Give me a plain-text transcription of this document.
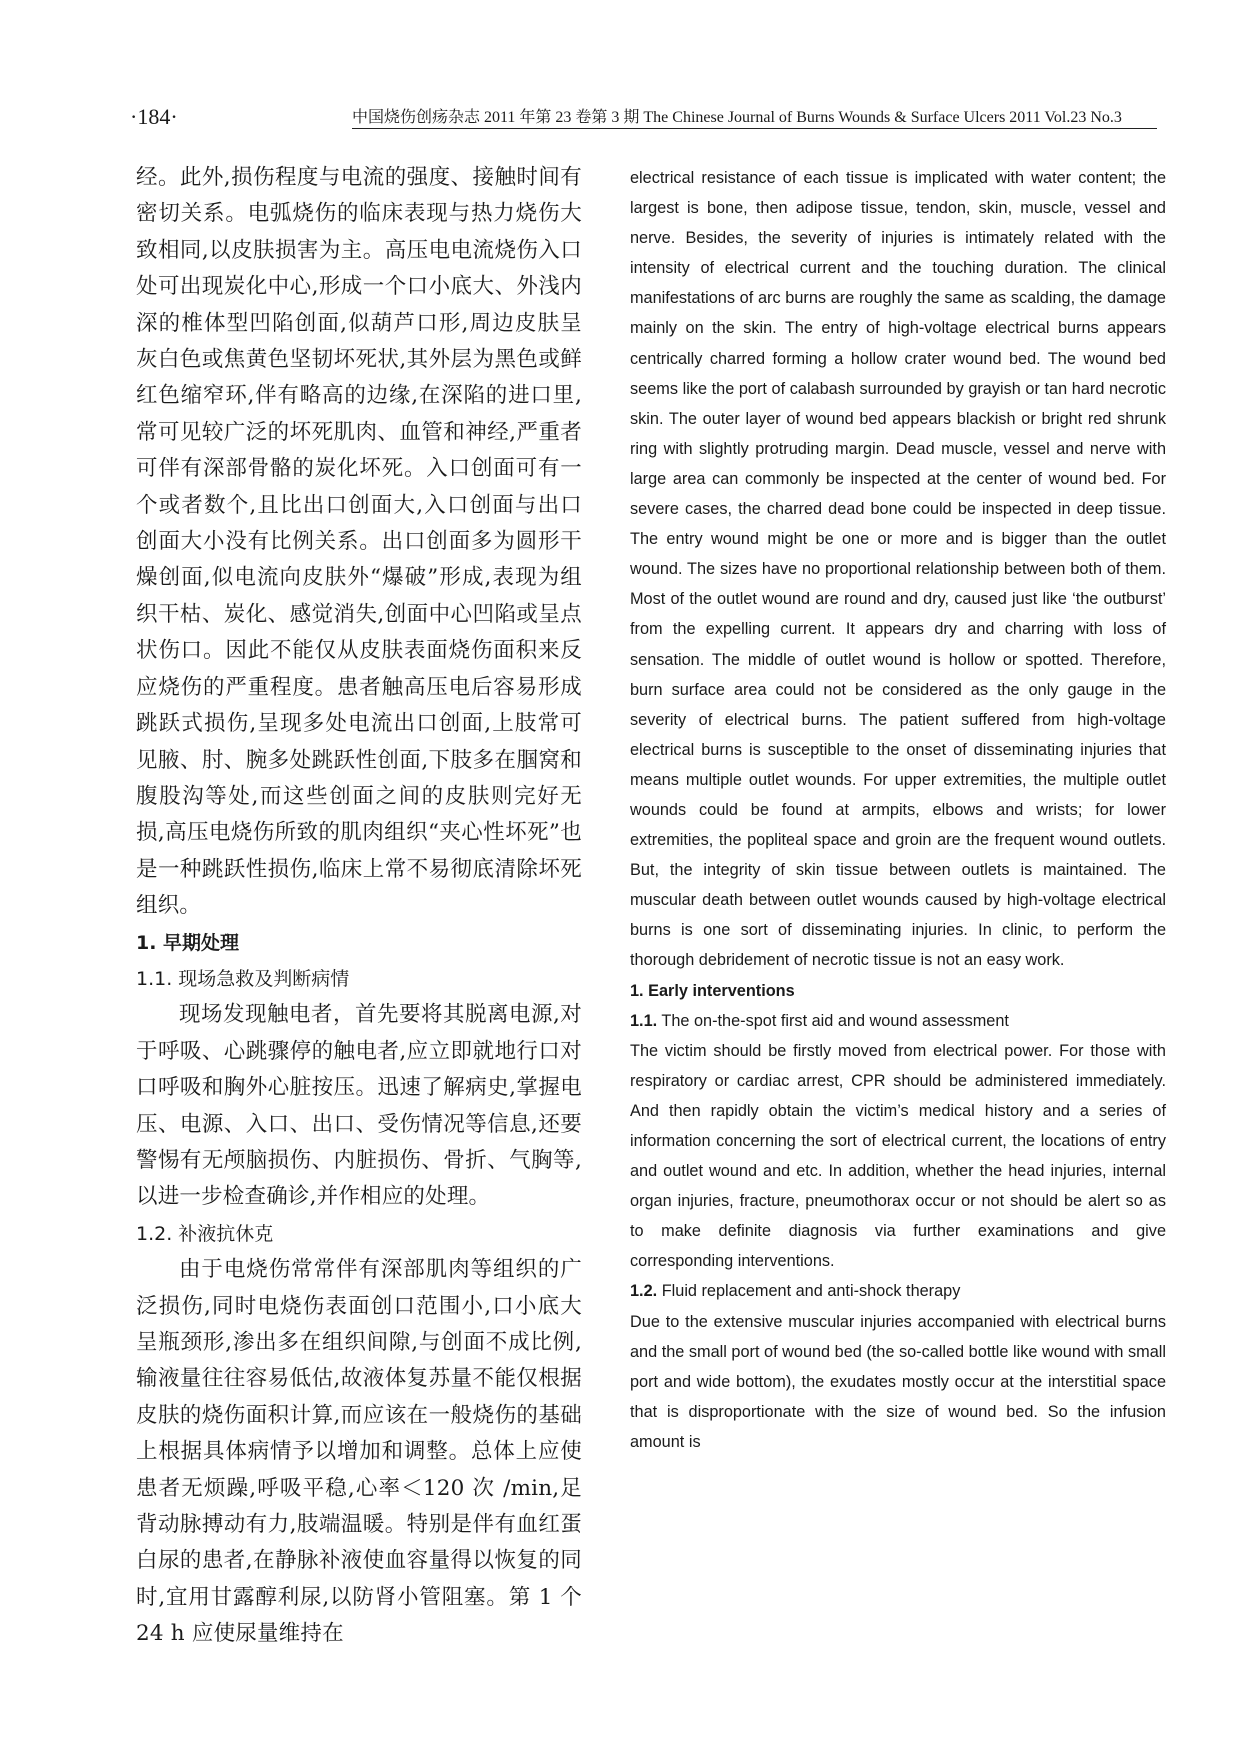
·184·	中国烧伤创疡杂志 2011 年第 23 卷第 3 期 The Chinese Journal of Burns Wounds & Surface Ulcers 2011 Vol.23 No.3

经。此外,损伤程度与电流的强度、接触时间有密切关系。电弧烧伤的临床表现与热力烧伤大致相同,以皮肤损害为主。高压电电流烧伤入口处可出现炭化中心,形成一个口小底大、外浅内深的椎体型凹陷创面,似葫芦口形,周边皮肤呈灰白色或焦黄色坚韧坏死状,其外层为黑色或鲜红色缩窄环,伴有略高的边缘,在深陷的进口里,常可见较广泛的坏死肌肉、血管和神经,严重者可伴有深部骨骼的炭化坏死。入口创面可有一个或者数个,且比出口创面大,入口创面与出口创面大小没有比例关系。出口创面多为圆形干燥创面,似电流向皮肤外“爆破”形成,表现为组织干枯、炭化、感觉消失,创面中心凹陷或呈点状伤口。因此不能仅从皮肤表面烧伤面积来反应烧伤的严重程度。患者触高压电后容易形成跳跃式损伤,呈现多处电流出口创面,上肢常可见腋、肘、腕多处跳跃性创面,下肢多在腘窝和腹股沟等处,而这些创面之间的皮肤则完好无损,高压电烧伤所致的肌肉组织“夹心性坏死”也是一种跳跃性损伤,临床上常不易彻底清除坏死组织。

1. 早期处理

1.1. 现场急救及判断病情

现场发现触电者，首先要将其脱离电源,对于呼吸、心跳骤停的触电者,应立即就地行口对口呼吸和胸外心脏按压。迅速了解病史,掌握电压、电源、入口、出口、受伤情况等信息,还要警惕有无颅脑损伤、内脏损伤、骨折、气胸等,以进一步检查确诊,并作相应的处理。

1.2. 补液抗休克

由于电烧伤常常伴有深部肌肉等组织的广泛损伤,同时电烧伤表面创口范围小,口小底大呈瓶颈形,渗出多在组织间隙,与创面不成比例,输液量往往容易低估,故液体复苏量不能仅根据皮肤的烧伤面积计算,而应该在一般烧伤的基础上根据具体病情予以增加和调整。总体上应使患者无烦躁,呼吸平稳,心率＜120 次 /min,足背动脉搏动有力,肢端温暖。特别是伴有血红蛋白尿的患者,在静脉补液使血容量得以恢复的同时,宜用甘露醇利尿,以防肾小管阻塞。第 1 个 24 h 应使尿量维持在

electrical resistance of each tissue is implicated with water content; the largest is bone, then adipose tissue, tendon, skin, muscle, vessel and nerve. Besides, the severity of injuries is intimately related with the intensity of electrical current and the touching duration. The clinical manifestations of arc burns are roughly the same as scalding, the damage mainly on the skin. The entry of high-voltage electrical burns appears centrically charred forming a hollow crater wound bed. The wound bed seems like the port of calabash surrounded by grayish or tan hard necrotic skin. The outer layer of wound bed appears blackish or bright red shrunk ring with slightly protruding margin. Dead muscle, vessel and nerve with large area can commonly be inspected at the center of wound bed. For severe cases, the charred dead bone could be inspected in deep tissue. The entry wound might be one or more and is bigger than the outlet wound. The sizes have no proportional relationship between both of them. Most of the outlet wound are round and dry, caused just like ‘the outburst’ from the expelling current. It appears dry and charring with loss of sensation. The middle of outlet wound is hollow or spotted. Therefore, burn surface area could not be considered as the only gauge in the severity of electrical burns. The patient suffered from high-voltage electrical burns is susceptible to the onset of disseminating injuries that means multiple outlet wounds. For upper extremities, the multiple outlet wounds could be found at armpits, elbows and wrists; for lower extremities, the popliteal space and groin are the frequent wound outlets. But, the integrity of skin tissue between outlets is maintained. The muscular death between outlet wounds caused by high-voltage electrical burns is one sort of disseminating injuries. In clinic, to perform the thorough debridement of necrotic tissue is not an easy work.

1. Early interventions

1.1. The on-the-spot first aid and wound assessment

The victim should be firstly moved from electrical power. For those with respiratory or cardiac arrest, CPR should be administered immediately. And then rapidly obtain the victim’s medical history and a series of information concerning the sort of electrical current, the locations of entry and outlet wound and etc. In addition, whether the head injuries, internal organ injuries, fracture, pneumothorax occur or not should be alert so as to make definite diagnosis via further examinations and give corresponding interventions.

1.2. Fluid replacement and anti-shock therapy

Due to the extensive muscular injuries accompanied with electrical burns and the small port of wound bed (the so-called bottle like wound with small port and wide bottom), the exudates mostly occur at the interstitial space that is disproportionate with the size of wound bed. So the infusion amount is
